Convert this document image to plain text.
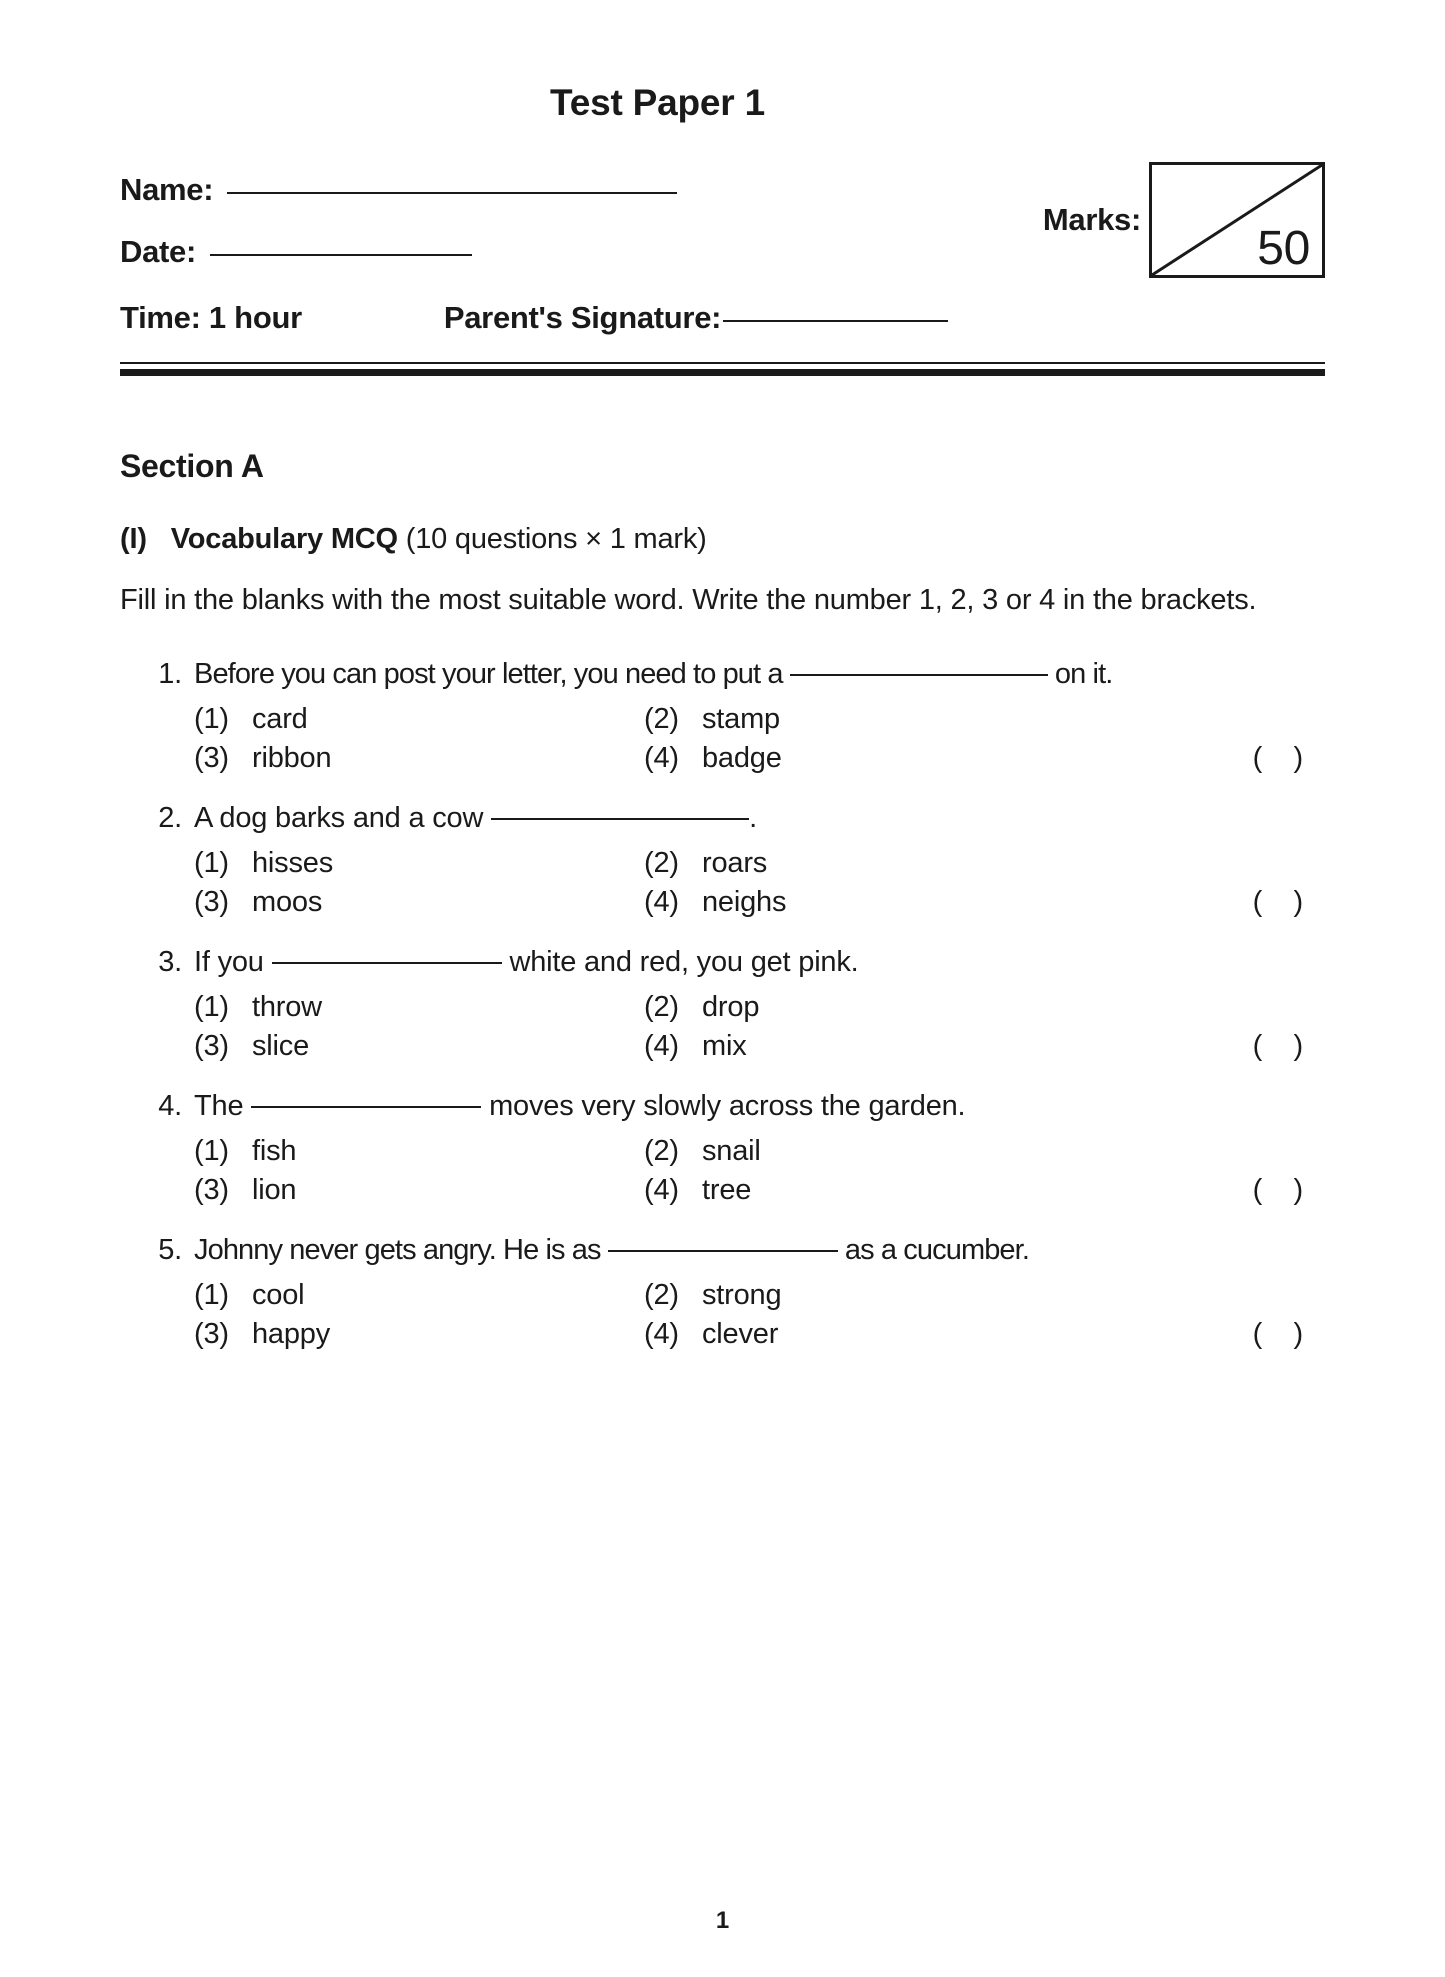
Test Paper 1
Name:
Marks:
50
Date:
Time: 1 hour	Parent's Signature:
Section A
(I) Vocabulary MCQ (10 questions × 1 mark)
Fill in the blanks with the most suitable word. Write the number 1, 2, 3 or 4 in the brackets.
1. Before you can post your letter, you need to put a	on it.
(1) card	(2) stamp
(3) ribbon	(4) badge	(    )
2. A dog barks and a cow	.
(1) hisses	(2) roars
(3) moos	(4) neighs	(    )
3. If you	white and red, you get pink.
(1) throw	(2) drop
(3) slice	(4) mix	(    )
4. The	moves very slowly across the garden.
(1) fish	(2) snail
(3) lion	(4) tree	(    )
5. Johnny never gets angry. He is as	as a cucumber.
(1) cool	(2) strong
(3) happy	(4) clever	(    )
1
